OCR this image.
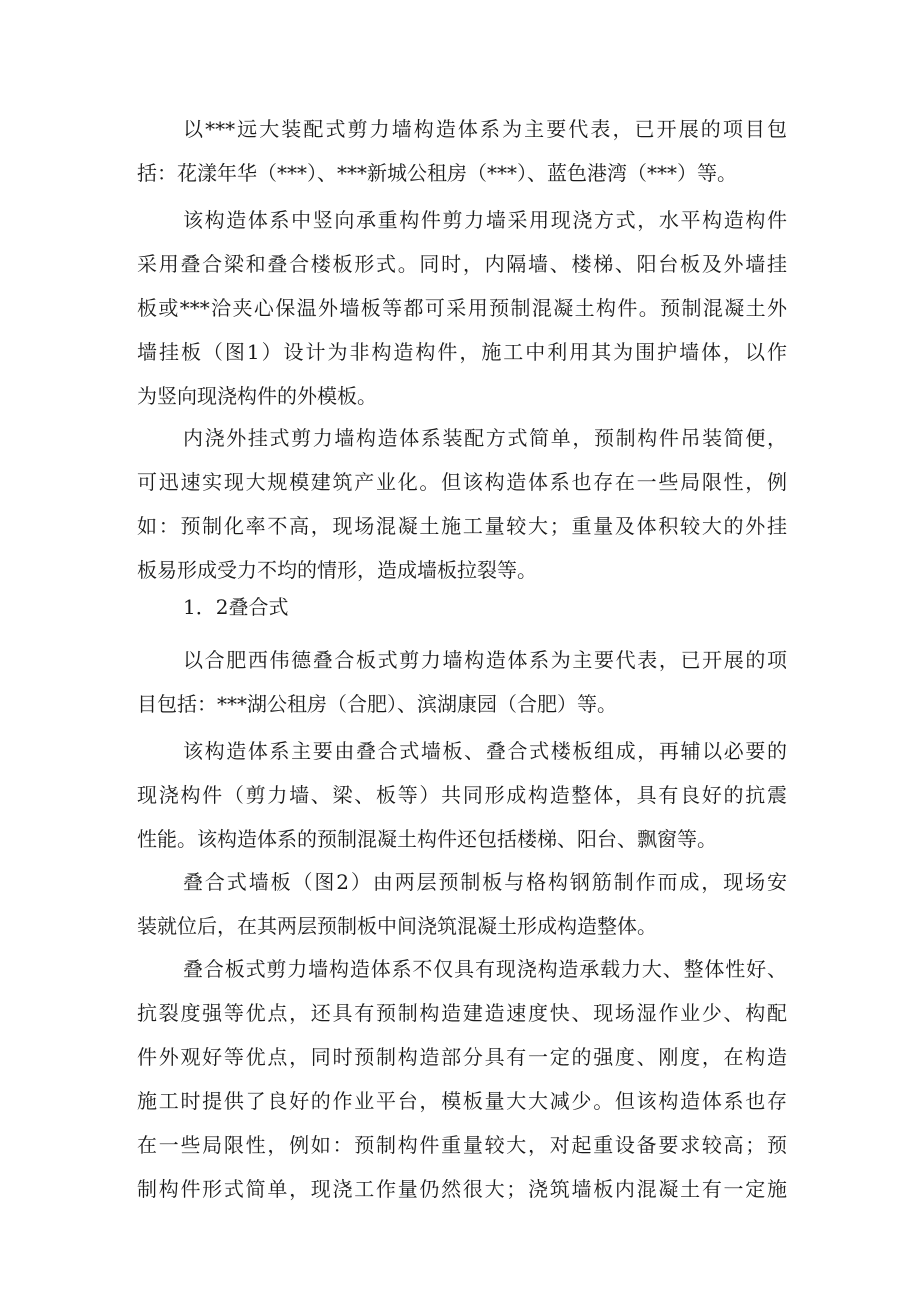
以***远大装配式剪力墙构造体系为主要代表，已开展的项目包
括：花漾年华（***）、***新城公租房（***）、蓝色港湾（***）等。
该构造体系中竖向承重构件剪力墙采用现浇方式，水平构造构件
采用叠合梁和叠合楼板形式。同时，内隔墙、楼梯、阳台板及外墙挂
板或***洽夹心保温外墙板等都可采用预制混凝土构件。预制混凝土外
墙挂板（图1）设计为非构造构件，施工中利用其为围护墙体，以作
为竖向现浇构件的外模板。
内浇外挂式剪力墙构造体系装配方式简单，预制构件吊装简便，
可迅速实现大规模建筑产业化。但该构造体系也存在一些局限性，例
如：预制化率不高，现场混凝土施工量较大；重量及体积较大的外挂
板易形成受力不均的情形，造成墙板拉裂等。
1．2叠合式
以合肥西伟德叠合板式剪力墙构造体系为主要代表，已开展的项
目包括：***湖公租房（合肥）、滨湖康园（合肥）等。
该构造体系主要由叠合式墙板、叠合式楼板组成，再辅以必要的
现浇构件（剪力墙、梁、板等）共同形成构造整体，具有良好的抗震
性能。该构造体系的预制混凝土构件还包括楼梯、阳台、飘窗等。
叠合式墙板（图2）由两层预制板与格构钢筋制作而成，现场安
装就位后，在其两层预制板中间浇筑混凝土形成构造整体。
叠合板式剪力墙构造体系不仅具有现浇构造承载力大、整体性好、
抗裂度强等优点，还具有预制构造建造速度快、现场湿作业少、构配
件外观好等优点，同时预制构造部分具有一定的强度、刚度，在构造
施工时提供了良好的作业平台，模板量大大减少。但该构造体系也存
在一些局限性，例如：预制构件重量较大，对起重设备要求较高；预
制构件形式简单，现浇工作量仍然很大；浇筑墙板内混凝土有一定施
